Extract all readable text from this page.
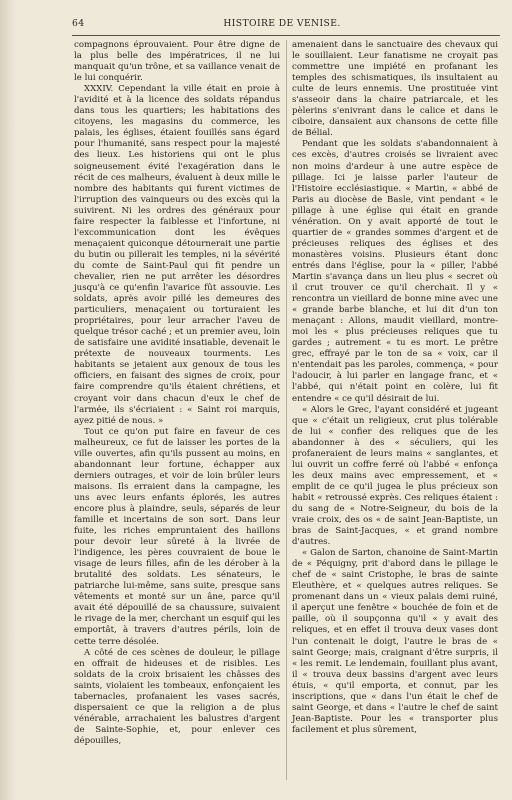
64	HISTOIRE DE VENISE.

compagnons éprouvaient. Pour être digne de la plus belle des impératrices, il ne lui manquait qu'un trône, et sa vaillance venait de le lui conquérir.

XXXIV. Cependant la ville était en proie à l'avidité et à la licence des soldats répandus dans tous les quartiers; les habitations des citoyens, les magasins du commerce, les palais, les églises, étaient fouillés sans égard pour l'humanité, sans respect pour la majesté des lieux. Les historiens qui ont le plus soigneusement évité l'exagération dans le récit de ces malheurs, évaluent à deux mille le nombre des habitants qui furent victimes de l'irruption des vainqueurs ou des excès qui la suivirent. Ni les ordres des généraux pour faire respecter la faiblesse et l'infortune, ni l'excommunication dont les évêques menaçaient quiconque détournerait une partie du butin ou pillerait les temples, ni la sévérité du comte de Saint-Paul qui fit pendre un chevalier, rien ne put arrêter les désordres jusqu'à ce qu'enfin l'avarice fût assouvie. Les soldats, après avoir pillé les demeures des particuliers, menaçaient ou torturaient les propriétaires, pour leur arracher l'aveu de quelque trésor caché ; et un premier aveu, loin de satisfaire une avidité insatiable, devenait le prétexte de nouveaux tourments. Les habitants se jetaient aux genoux de tous les officiers, en faisant des signes de croix, pour faire comprendre qu'ils étaient chrétiens, et croyant voir dans chacun d'eux le chef de l'armée, ils s'écriaient : « Saint roi marquis, ayez pitié de nous. »

Tout ce qu'on put faire en faveur de ces malheureux, ce fut de laisser les portes de la ville ouvertes, afin qu'ils pussent au moins, en abandonnant leur fortune, échapper aux derniers outrages, et voir de loin brûler leurs maisons. Ils erraient dans la campagne, les uns avec leurs enfants éplorés, les autres encore plus à plaindre, seuls, séparés de leur famille et incertains de son sort. Dans leur fuite, les riches empruntaient des haillons pour devoir leur sûreté à la livrée de l'indigence, les pères couvraient de boue le visage de leurs filles, afin de les dérober à la brutalité des soldats. Les sénateurs, le patriarche lui-même, sans suite, presque sans vêtements et monté sur un âne, parce qu'il avait été dépouillé de sa chaussure, suivaient le rivage de la mer, cherchant un esquif qui les emportât, à travers d'autres périls, loin de cette terre désolée.

A côté de ces scènes de douleur, le pillage en offrait de hideuses et de risibles. Les soldats de la croix brisaient les châsses des saints, violaient les tombeaux, enfonçaient les tabernacles, profanaient les vases sacrés, dispersaient ce que la religion a de plus vénérable, arrachaient les balustres d'argent de Sainte-Sophie, et, pour enlever ces dépouilles,

amenaient dans le sanctuaire des chevaux qui le souillaient. Leur fanatisme ne croyait pas commettre une impiété en profanant les temples des schismatiques, ils insultaient au culte de leurs ennemis. Une prostituée vint s'asseoir dans la chaire patriarcale, et les pèlerins s'enivrant dans le calice et dans le ciboire, dansaient aux chansons de cette fille de Bélial.

Pendant que les soldats s'abandonnaient à ces excès, d'autres croisés se livraient avec non moins d'ardeur à une autre espèce de pillage. Ici je laisse parler l'auteur de l'Histoire ecclésiastique. « Martin, « abbé de Paris au diocèse de Basle, vint pendant « le pillage à une église qui était en grande vénération. On y avait apporté de tout le quartier de « grandes sommes d'argent et de précieuses reliques des églises et des monastères voisins. Plusieurs étant donc entrés dans l'église, pour la « piller, l'abbé Martin s'avança dans un lieu plus « secret où il crut trouver ce qu'il cherchait. Il y « rencontra un vieillard de bonne mine avec une « grande barbe blanche, et lui dit d'un ton menaçant : Allons, maudit vieillard, montre-moi les « plus précieuses reliques que tu gardes ; autrement « tu es mort. Le prêtre grec, effrayé par le ton de sa « voix, car il n'entendait pas les paroles, commença, « pour l'adoucir, à lui parler en langage franc, et « l'abbé, qui n'était point en colère, lui fit entendre « ce qu'il désirait de lui.

« Alors le Grec, l'ayant considéré et jugeant que « c'était un religieux, crut plus tolérable de lui « confier des reliques que de les abandonner à des « séculiers, qui les profaneraient de leurs mains « sanglantes, et lui ouvrit un coffre ferré où l'abbé « enfonça les deux mains avec empressement, et « emplit de ce qu'il jugea le plus précieux son habit « retroussé exprès. Ces reliques étaient : du sang de « Notre-Seigneur, du bois de la vraie croix, des os « de saint Jean-Baptiste, un bras de Saint-Jacques, « et grand nombre d'autres.

« Galon de Sarton, chanoine de Saint-Martin de « Péquigny, prit d'abord dans le pillage le chef de « saint Cristophe, le bras de sainte Eleuthère, et « quelques autres reliques. Se promenant dans un « vieux palais demi ruiné, il aperçut une fenêtre « bouchée de foin et de paille, où il soupçonna qu'il « y avait des reliques, et en effet il trouva deux vases dont l'un contenait le doigt, l'autre le bras de « saint George; mais, craignant d'être surpris, il « les remit. Le lendemain, fouillant plus avant, il « trouva deux bassins d'argent avec leurs étuis, « qu'il emporta, et connut, par les inscriptions, que « dans l'un était le chef de saint George, et dans « l'autre le chef de saint Jean-Baptiste. Pour les « transporter plus facilement et plus sûrement,
